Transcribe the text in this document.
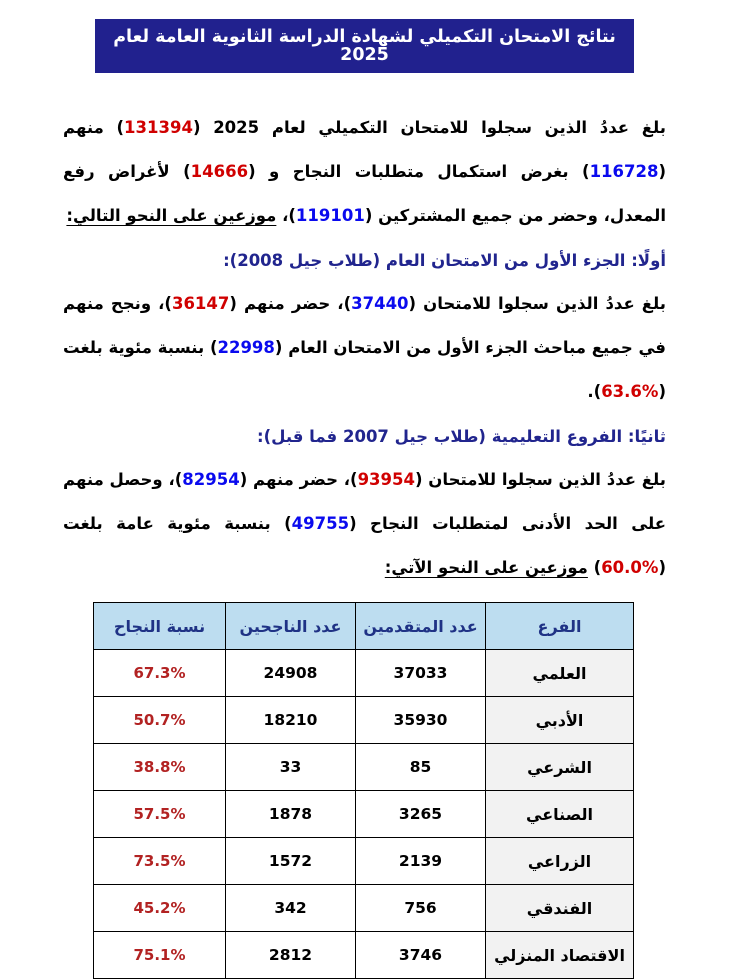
نتائج الامتحان التكميلي لشهادة الدراسة الثانوية العامة لعام 2025

بلغ عددُ الذين سجلوا للامتحان التكميلي لعام 2025 (131394) منهم (116728) بغرض استكمال متطلبات النجاح و (14666) لأغراض رفع المعدل، وحضر من جميع المشتركين (119101)، موزعين على النحو التالي:

أولًا: الجزء الأول من الامتحان العام (طلاب جيل 2008):

بلغ عددُ الذين سجلوا للامتحان (37440)، حضر منهم (36147)، ونجح منهم في جميع مباحث الجزء الأول من الامتحان العام (22998) بنسبة مئوية بلغت (%63.6).

ثانيًا: الفروع التعليمية (طلاب جيل 2007 فما قبل):

بلغ عددُ الذين سجلوا للامتحان (93954)، حضر منهم (82954)، وحصل منهم على الحد الأدنى لمتطلبات النجاح (49755) بنسبة مئوية عامة بلغت (%60.0) موزعين على النحو الآتي:

الفرع	عدد المتقدمين	عدد الناجحين	نسبة النجاح
العلمي	37033	24908	67.3%
الأدبي	35930	18210	50.7%
الشرعي	85	33	38.8%
الصناعي	3265	1878	57.5%
الزراعي	2139	1572	73.5%
الفندقي	756	342	45.2%
الاقتصاد المنزلي	3746	2812	75.1%
